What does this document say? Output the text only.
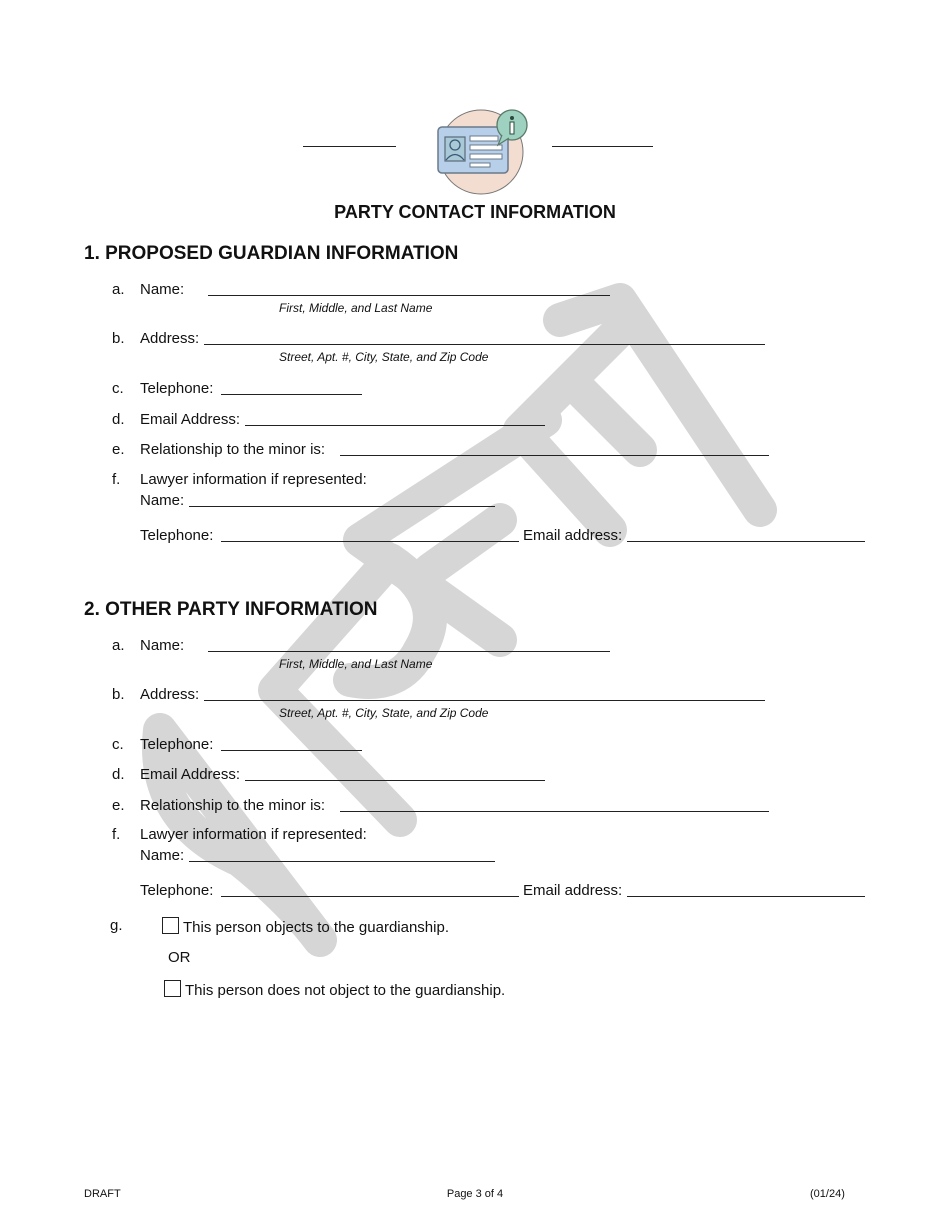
PARTY CONTACT INFORMATION
1. PROPOSED GUARDIAN INFORMATION
a. Name:
First, Middle, and Last Name
b. Address:
Street, Apt. #, City, State, and Zip Code
c. Telephone:
d. Email Address:
e. Relationship to the minor is:
f. Lawyer information if represented:
Name:
Telephone:	Email address:
2. OTHER PARTY INFORMATION
a. Name:
First, Middle, and Last Name
b. Address:
Street, Apt. #, City, State, and Zip Code
c. Telephone:
d. Email Address:
e. Relationship to the minor is:
f. Lawyer information if represented:
Name:
Telephone:	Email address:
g.	This person objects to the guardianship.
OR
This person does not object to the guardianship.
DRAFT	Page 3 of 4	(01/24)
